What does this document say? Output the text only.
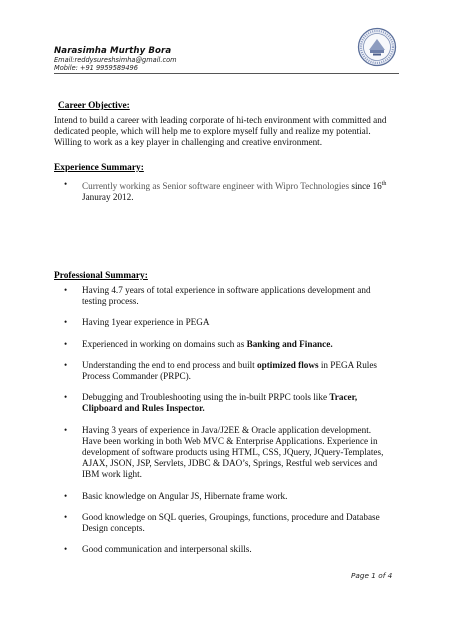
Narasimha Murthy Bora
Email:reddysureshsimha@gmail.com
Mobile: +91 9959589496
Career Objective:
Intend to build a career with leading corporate of hi-tech environment with committed and
dedicated people, which will help me to explore myself fully and realize my potential.
Willing to work as a key player in challenging and creative environment.
Experience Summary:
• Currently working as Senior software engineer with Wipro Technologies since 16th
Januray 2012.
Professional Summary:
• Having 4.7 years of total experience in software applications development and
testing process.
• Having 1year experience in PEGA
• Experienced in working on domains such as Banking and Finance.
• Understanding the end to end process and built optimized flows in PEGA Rules
Process Commander (PRPC).
• Debugging and Troubleshooting using the in-built PRPC tools like Tracer,
Clipboard and Rules Inspector.
• Having 3 years of experience in Java/J2EE & Oracle application development.
Have been working in both Web MVC & Enterprise Applications. Experience in
development of software products using HTML, CSS, JQuery, JQuery-Templates,
AJAX, JSON, JSP, Servlets, JDBC & DAO’s, Springs, Restful web services and
IBM work light.
• Basic knowledge on Angular JS, Hibernate frame work.
• Good knowledge on SQL queries, Groupings, functions, procedure and Database
Design concepts.
• Good communication and interpersonal skills.
Page 1 of 4
